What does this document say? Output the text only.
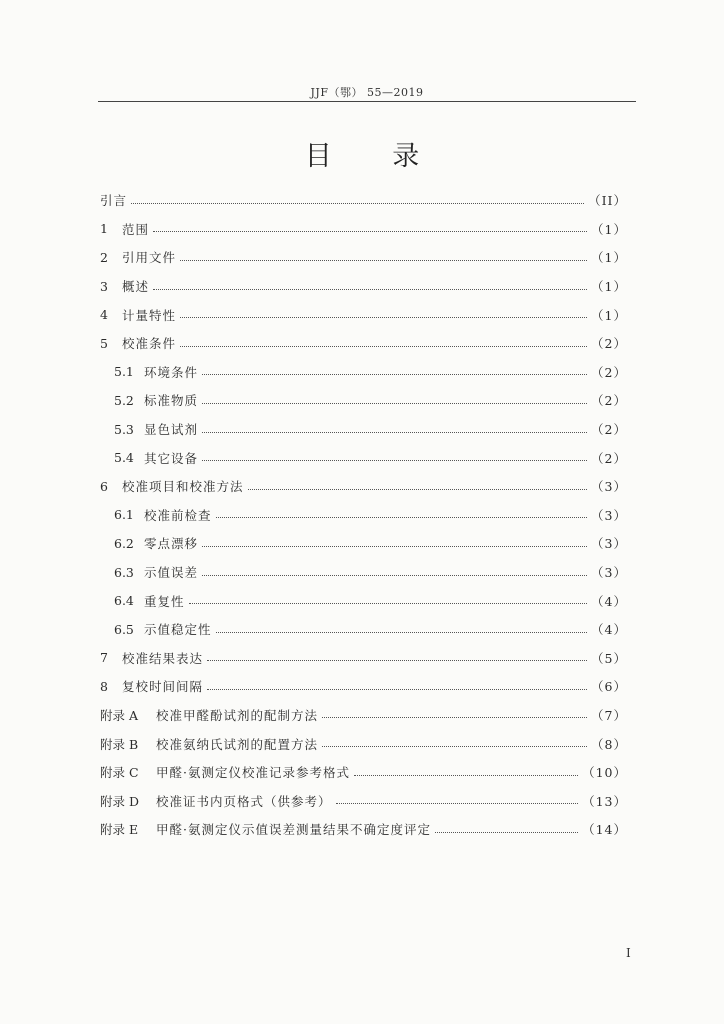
JJF（鄂） 55—2019
目 录
引言	（II）
1	范围	（1）
2	引用文件	（1）
3	概述	（1）
4	计量特性	（1）
5	校准条件	（2）
5.1 环境条件	（2）
5.2 标准物质	（2）
5.3 显色试剂	（2）
5.4 其它设备	（2）
6	校准项目和校准方法	（3）
6.1 校准前检查	（3）
6.2 零点漂移	（3）
6.3 示值误差	（3）
6.4 重复性	（4）
6.5 示值稳定性	（4）
7	校准结果表达	（5）
8	复校时间间隔	（6）
附录 A	校准甲醛酚试剂的配制方法	（7）
附录 B	校准氨纳氏试剂的配置方法	（8）
附录 C	甲醛·氨测定仪校准记录参考格式	（10）
附录 D	校准证书内页格式（供参考）	（13）
附录 E	甲醛·氨测定仪示值误差测量结果不确定度评定	（14）
I
